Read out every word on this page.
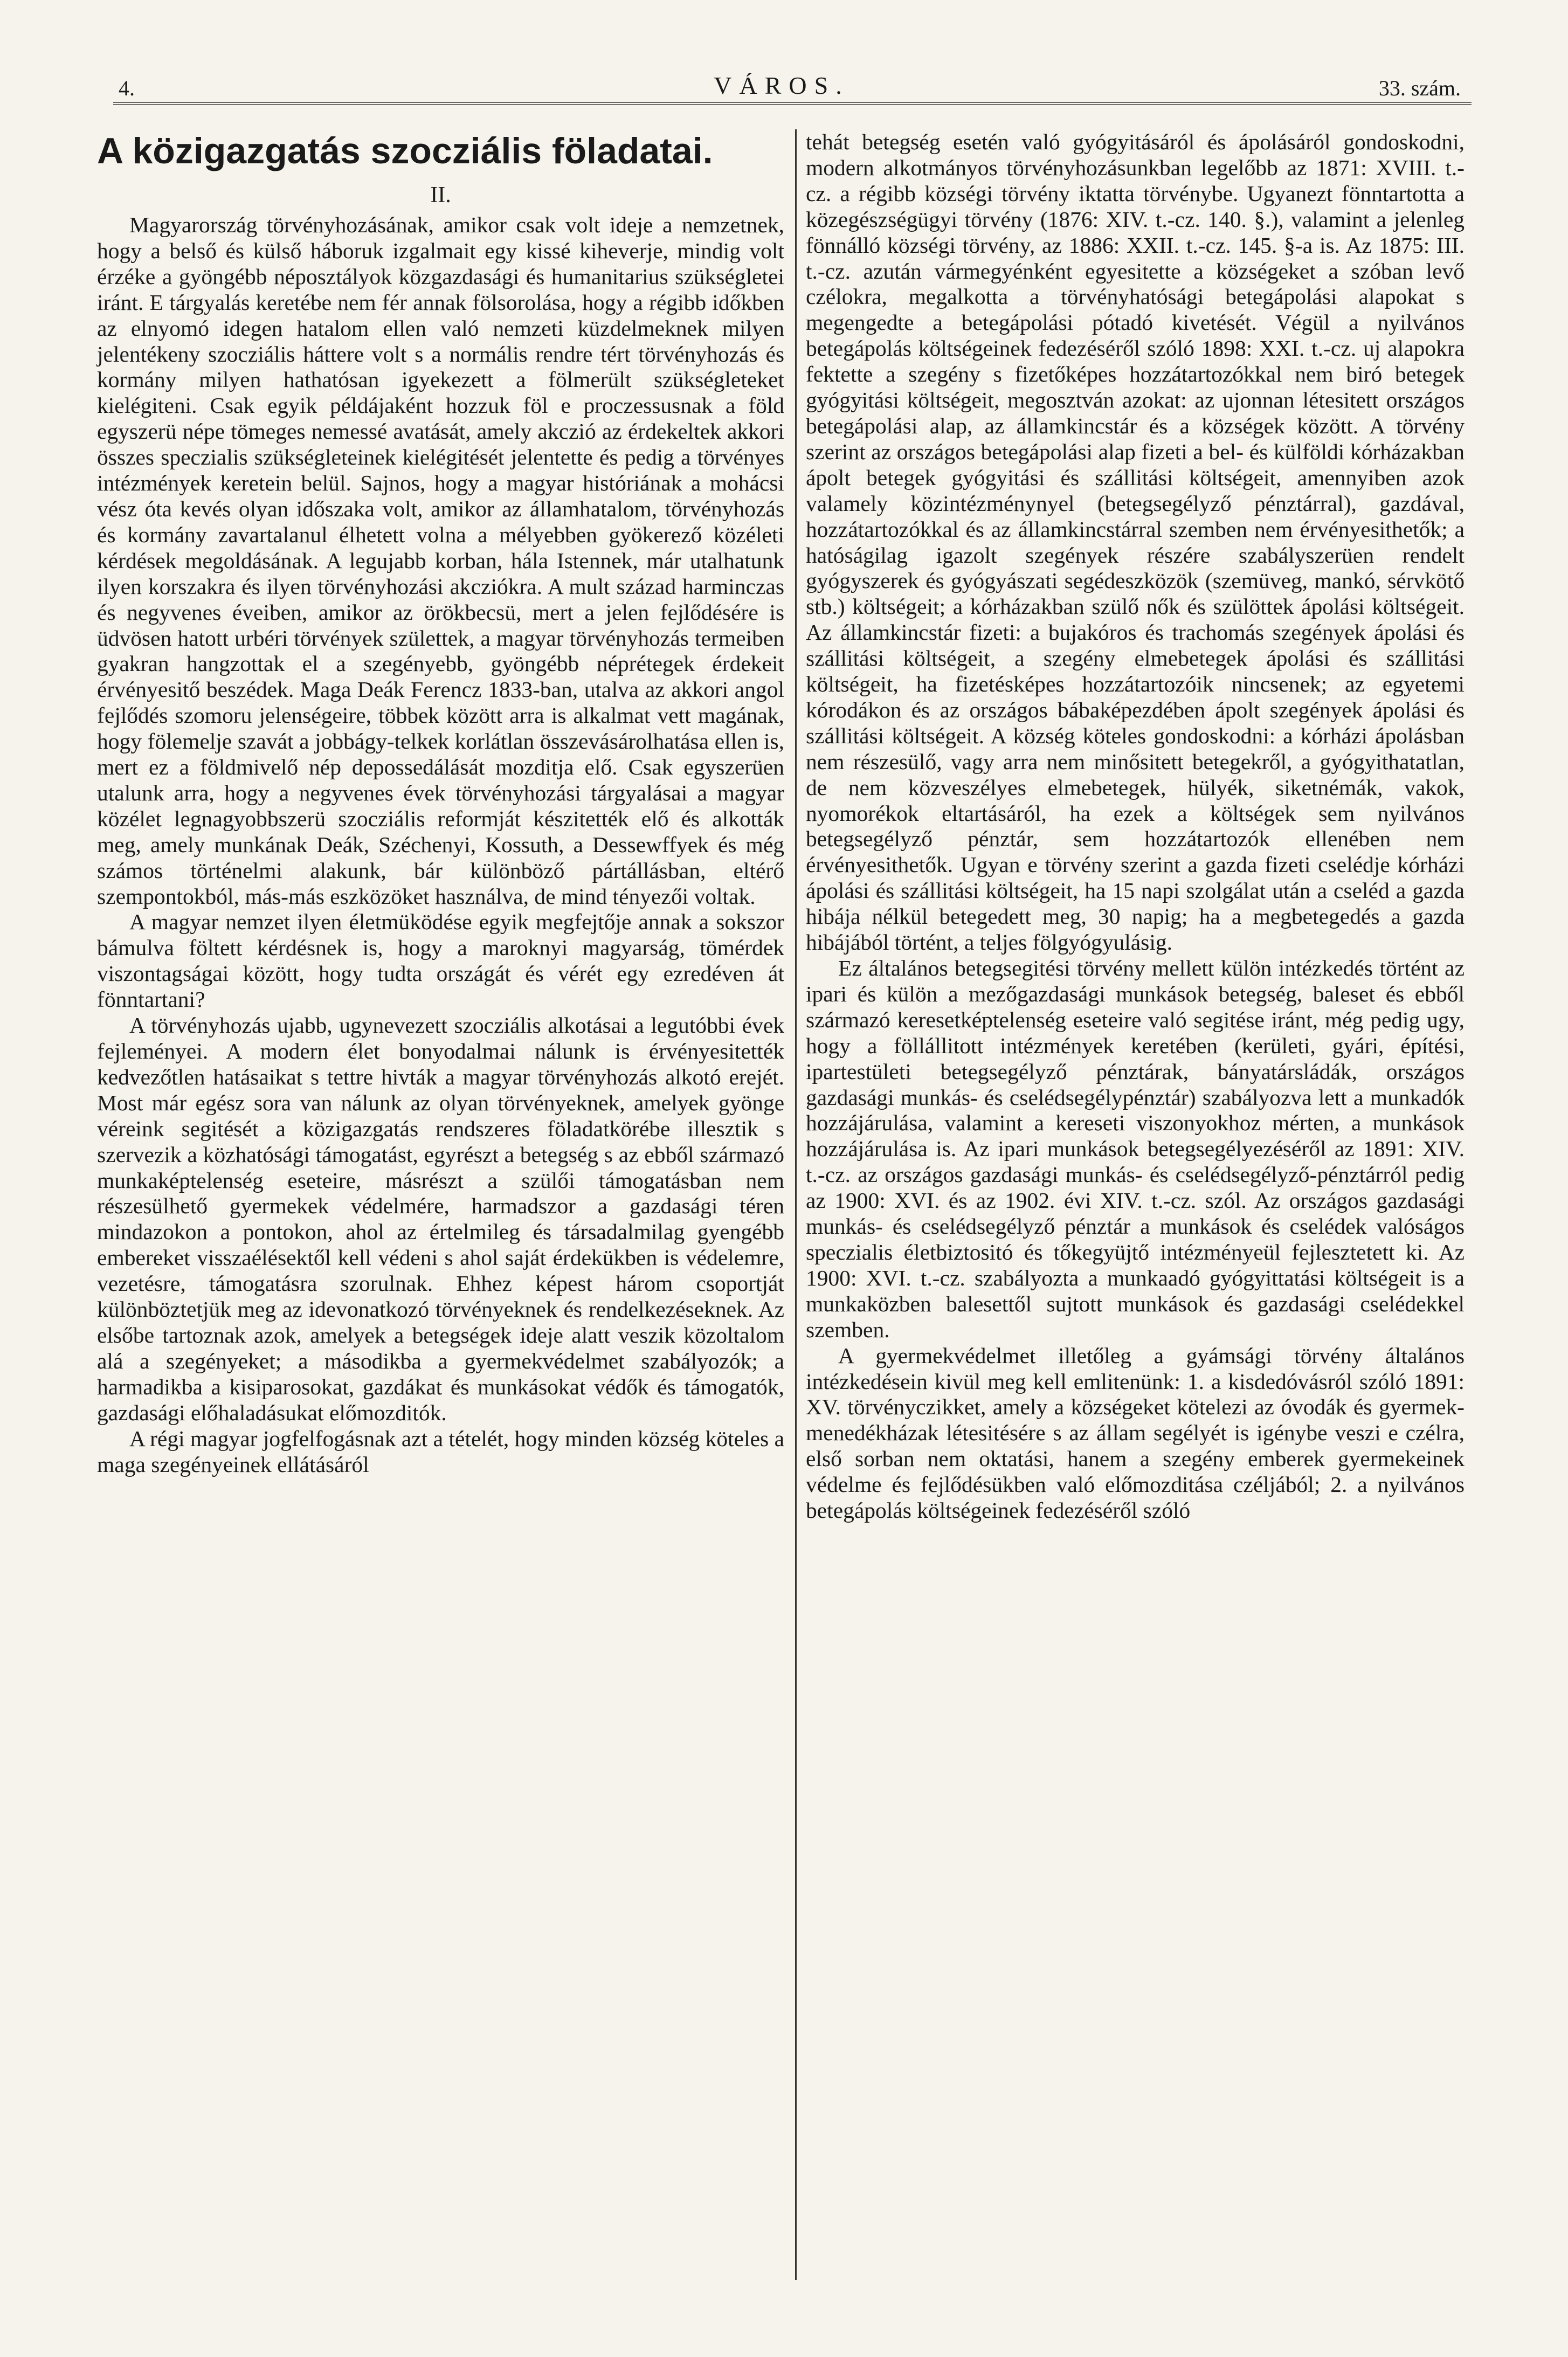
4.	VÁROS.	33. szám.
A közigazgatás szocziális föladatai.
II.

Magyarország törvényhozásának, amikor csak volt ideje a nemzetnek, hogy a belső és külső háboruk izgalmait egy kissé kiheverje, mindig volt érzéke a gyöngébb néposztályok közgazdasági és humanitarius szükségletei iránt. E tárgyalás keretébe nem fér annak fölsorolása, hogy a régibb időkben az elnyomó idegen hatalom ellen való nemzeti küzdelmeknek milyen jelentékeny szocziális háttere volt s a normális rendre tért törvényhozás és kormány milyen hathatósan igyekezett a fölmerült szükségleteket kielégiteni. Csak egyik példájaként hozzuk föl e proczessusnak a föld egyszerü népe tömeges nemessé avatását, amely akczió az érdekeltek akkori összes speczialis szükségleteinek kielégitését jelentette és pedig a törvényes intézmények keretein belül. Sajnos, hogy a magyar históriának a mohácsi vész óta kevés olyan időszaka volt, amikor az államhatalom, törvényhozás és kormány zavartalanul élhetett volna a mélyebben gyökerező közéleti kérdések megoldásának. A legujabb korban, hála Istennek, már utalhatunk ilyen korszakra és ilyen törvényhozási akcziókra. A mult század harminczas és negyvenes éveiben, amikor az örökbecsü, mert a jelen fejlődésére is üdvösen hatott urbéri törvények születtek, a magyar törvényhozás termeiben gyakran hangzottak el a szegényebb, gyöngébb néprétegek érdekeit érvényesitő beszédek. Maga Deák Ferencz 1833-ban, utalva az akkori angol fejlődés szomoru jelenségeire, többek között arra is alkalmat vett magának, hogy fölemelje szavát a jobbágy-telkek korlátlan összevásárolhatása ellen is, mert ez a földmivelő nép depossedálását mozditja elő. Csak egyszerüen utalunk arra, hogy a negyvenes évek törvényhozási tárgyalásai a magyar közélet legnagyobbszerü szocziális reformját készitették elő és alkották meg, amely munkának Deák, Széchenyi, Kossuth, a Dessewffyek és még számos történelmi alakunk, bár különböző pártállásban, eltérő szempontokból, más-más eszközöket használva, de mind tényezői voltak.

A magyar nemzet ilyen életmüködése egyik megfejtője annak a sokszor bámulva föltett kérdésnek is, hogy a maroknyi magyarság, tömérdek viszontagságai között, hogy tudta országát és vérét egy ezredéven át fönntartani?

A törvényhozás ujabb, ugynevezett szocziális alkotásai a legutóbbi évek fejleményei. A modern élet bonyodalmai nálunk is érvényesitették kedvezőtlen hatásaikat s tettre hivták a magyar törvényhozás alkotó erejét. Most már egész sora van nálunk az olyan törvényeknek, amelyek gyönge véreink segitését a közigazgatás rendszeres föladatkörébe illesztik s szervezik a közhatósági támogatást, egyrészt a betegség s az ebből származó munkaképtelenség eseteire, másrészt a szülői támogatásban nem részesülhető gyermekek védelmére, harmadszor a gazdasági téren mindazokon a pontokon, ahol az értelmileg és társadalmilag gyengébb embereket visszaélésektől kell védeni s ahol saját érdekükben is védelemre, vezetésre, támogatásra szorulnak. Ehhez képest három csoportját különböztetjük meg az idevonatkozó törvényeknek és rendelkezéseknek. Az elsőbe tartoznak azok, amelyek a betegségek ideje alatt veszik közoltalom alá a szegényeket; a másodikba a gyermekvédelmet szabályozók; a harmadikba a kisiparosokat, gazdákat és munkásokat védők és támogatók, gazdasági előhaladásukat előmozditók.

A régi magyar jogfelfogásnak azt a tételét, hogy minden község köteles a maga szegényeinek ellátásáról

tehát betegség esetén való gyógyitásáról és ápolásáról gondoskodni, modern alkotmányos törvényhozásunkban legelőbb az 1871: XVIII. t.-cz. a régibb községi törvény iktatta törvénybe. Ugyanezt fönntartotta a közegészségügyi törvény (1876: XIV. t.-cz. 140. §.), valamint a jelenleg fönnálló községi törvény, az 1886: XXII. t.-cz. 145. §-a is. Az 1875: III. t.-cz. azután vármegyénként egyesitette a községeket a szóban levő czélokra, megalkotta a törvényhatósági betegápolási alapokat s megengedte a betegápolási pótadó kivetését. Végül a nyilvános betegápolás költségeinek fedezéséről szóló 1898: XXI. t.-cz. uj alapokra fektette a szegény s fizetőképes hozzátartozókkal nem biró betegek gyógyitási költségeit, megosztván azokat: az ujonnan létesitett országos betegápolási alap, az államkincstár és a községek között. A törvény szerint az országos betegápolási alap fizeti a bel- és külföldi kórházakban ápolt betegek gyógyitási és szállitási költségeit, amennyiben azok valamely közintézménynyel (betegsegélyző pénztárral), gazdával, hozzátartozókkal és az államkincstárral szemben nem érvényesithetők; a hatóságilag igazolt szegények részére szabályszerüen rendelt gyógyszerek és gyógyászati segédeszközök (szemüveg, mankó, sérvkötő stb.) költségeit; a kórházakban szülő nők és szülöttek ápolási költségeit. Az államkincstár fizeti: a bujakóros és trachomás szegények ápolási és szállitási költségeit, a szegény elmebetegek ápolási és szállitási költségeit, ha fizetésképes hozzátartozóik nincsenek; az egyetemi kórodákon és az országos bábaképezdében ápolt szegények ápolási és szállitási költségeit. A község köteles gondoskodni: a kórházi ápolásban nem részesülő, vagy arra nem minősitett betegekről, a gyógyithatatlan, de nem közveszélyes elmebetegek, hülyék, siketnémák, vakok, nyomorékok eltartásáról, ha ezek a költségek sem nyilvános betegsegélyző pénztár, sem hozzátartozók ellenében nem érvényesithetők. Ugyan e törvény szerint a gazda fizeti cselédje kórházi ápolási és szállitási költségeit, ha 15 napi szolgálat után a cseléd a gazda hibája nélkül betegedett meg, 30 napig; ha a megbetegedés a gazda hibájából történt, a teljes fölgyógyulásig.

Ez általános betegsegitési törvény mellett külön intézkedés történt az ipari és külön a mezőgazdasági munkások betegség, baleset és ebből származó keresetképtelenség eseteire való segitése iránt, még pedig ugy, hogy a föllállitott intézmények keretében (kerületi, gyári, építési, ipartestületi betegsegélyző pénztárak, bányatársládák, országos gazdasági munkás- és cselédsegélypénztár) szabályozva lett a munkadók hozzájárulása, valamint a kereseti viszonyokhoz mérten, a munkások hozzájárulása is. Az ipari munkások betegsegélyezéséről az 1891: XIV. t.-cz. az országos gazdasági munkás- és cselédsegélyző-pénztárról pedig az 1900: XVI. és az 1902. évi XIV. t.-cz. szól. Az országos gazdasági munkás- és cselédsegélyző pénztár a munkások és cselédek valóságos speczialis életbiztositó és tőkegyüjtő intézményeül fejlesztetett ki. Az 1900: XVI. t.-cz. szabályozta a munkaadó gyógyittatási költségeit is a munkaközben balesettől sujtott munkások és gazdasági cselédekkel szemben.

A gyermekvédelmet illetőleg a gyámsági törvény általános intézkedésein kivül meg kell emlitenünk: 1. a kisdedóvásról szóló 1891: XV. törvényczikket, amely a községeket kötelezi az óvodák és gyermek-menedékházak létesitésére s az állam segélyét is igénybe veszi e czélra, első sorban nem oktatási, hanem a szegény emberek gyermekeinek védelme és fejlődésükben való előmozditása czéljából; 2. a nyilvános betegápolás költségeinek fedezéséről szóló
